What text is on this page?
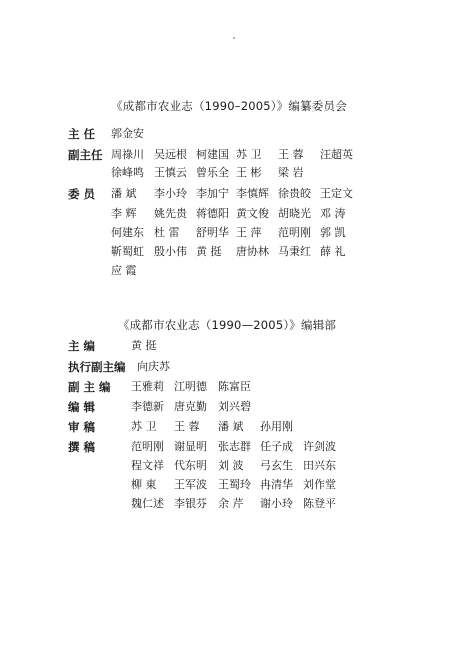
《成都市农业志（1990–2005）》编纂委员会
主 任 郭金安
副主任 周祿川 吴远根 柯建国 苏 卫 王 蓉 汪超英
徐峰鸣 王慎云 曾乐全 王 彬 梁 岩
委 员 潘 斌 李小玲 李加宁 李慎辉 徐贵皎 王定文
李 辉 姚先贵 蒋德阳 黄文俊 胡晓光 邓 涛
何建东 杜 雷 舒明华 王 萍 范明刚 郭 凯
靳蜀虹 殷小伟 黄 挺 唐协林 马秉红 薛 礼
应 霞
《成都市农业志（1990—2005）》编辑部
主 编	黄 挺
执行副主编 向庆苏
副 主 编 王雅莉 江明德 陈富臣
编 辑	李德新 唐克勤 刘兴碧
审 稿	苏 卫 王 蓉 潘 斌 孙用刚
撰 稿	范明刚 谢显明 张志群 任子成 许剑波
程文祥 代东明 刘 波 弓玄生 田兴东
柳 東 王军波 王蜀玲 冉清华 刘作堂
魏仁述 李银芬 余 芹 谢小玲 陈登平
